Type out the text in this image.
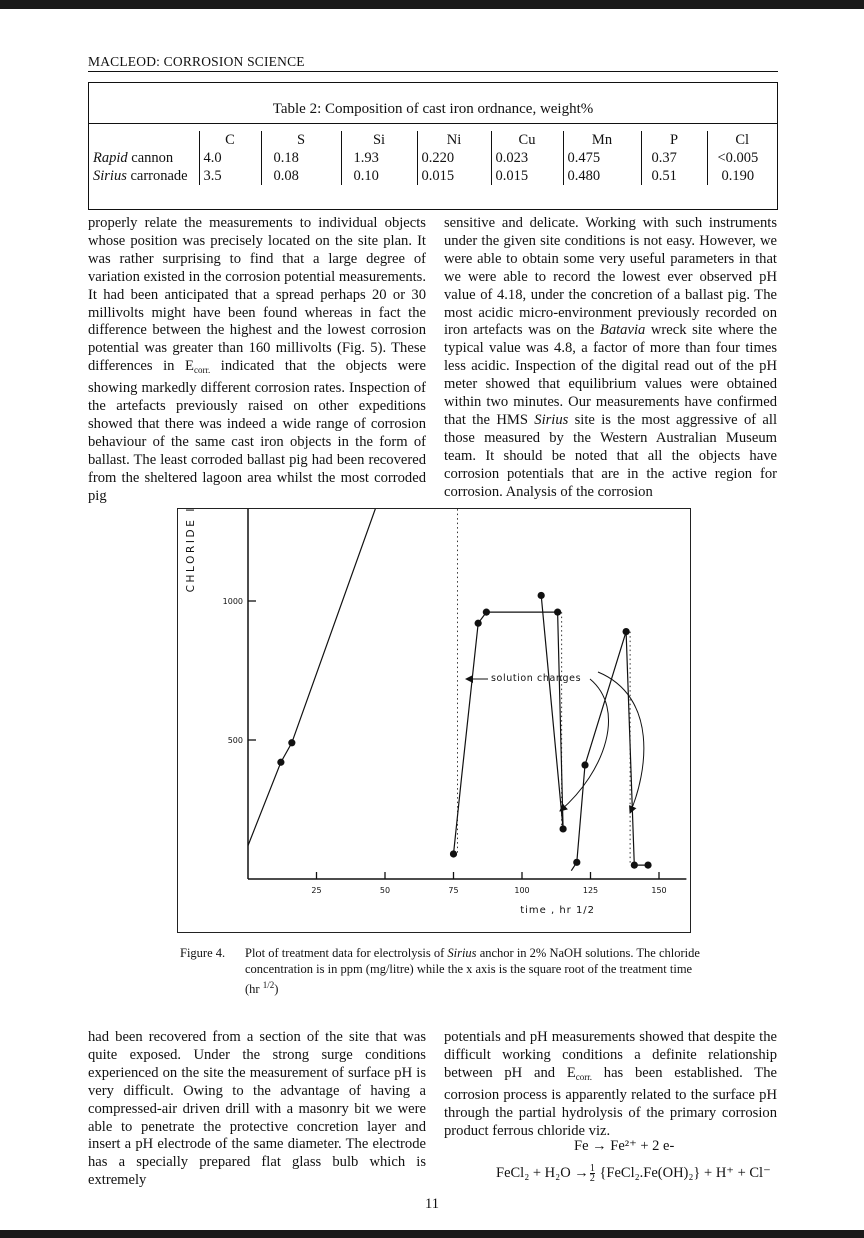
MACLEOD: CORROSION SCIENCE
Table 2: Composition of cast iron ordnance, weight%
	C	S	Si	Ni	Cu	Mn	P	Cl
Rapid cannon	4.0	0.18	1.93	0.220	0.023	0.475	0.37	<0.005
Sirius carronade	3.5	0.08	0.10	0.015	0.015	0.480	0.51	0.190

properly relate the measurements to individual objects whose position was precisely located on the site plan. It was rather surprising to find that a large degree of variation existed in the corrosion potential measurements. It had been anticipated that a spread perhaps 20 or 30 millivolts might have been found whereas in fact the difference between the highest and the lowest corrosion potential was greater than 160 millivolts (Fig. 5). These differences in $E_{corr.}$ indicated that the objects were showing markedly different corrosion rates. Inspection of the artefacts previously raised on other expeditions showed that there was indeed a wide range of corrosion behaviour of the same cast iron objects in the form of ballast. The least corroded ballast pig had been recovered from the sheltered lagoon area whilst the most corroded pig

sensitive and delicate. Working with such instruments under the given site conditions is not easy. However, we were able to obtain some very useful parameters in that we were able to record the lowest ever observed pH value of 4.18, under the concretion of a ballast pig. The most acidic micro-environment previously recorded on iron artefacts was on the Batavia wreck site where the typical value was 4.8, a factor of more than four times less acidic. Inspection of the digital read out of the pH meter showed that equilibrium values were obtained within two minutes. Our measurements have confirmed that the HMS Sirius site is the most aggressive of all those measured by the Western Australian Museum team. It should be noted that all the objects have corrosion potentials that are in the active region for corrosion. Analysis of the corrosion

500
1000
25	50	75	100	125	150
time , hr 1/2
CHLORIDE IONS ppm .
solution changes
Figure 4. Plot of treatment data for electrolysis of Sirius anchor in 2% NaOH solutions. The chloride concentration is in ppm (mg/litre) while the x axis is the square root of the treatment time (hr $^{1/2}$)

had been recovered from a section of the site that was quite exposed. Under the strong surge conditions experienced on the site the measurement of surface pH is very difficult. Owing to the advantage of having a compressed-air driven drill with a masonry bit we were able to penetrate the protective concretion layer and insert a pH electrode of the same diameter. The electrode has a specially prepared flat glass bulb which is extremely

potentials and pH measurements showed that despite the difficult working conditions a definite relationship between pH and $E_{corr.}$ has been established. The corrosion process is apparently related to the surface pH through the partial hydrolysis of the primary corrosion product ferrous chloride viz.

Fe → Fe²⁺ + 2 e-
FeCl₂ + $H_2O \to \frac{1}{2}$ {FeCl₂.Fe(OH)₂} + H⁺ + Cl⁻
11
